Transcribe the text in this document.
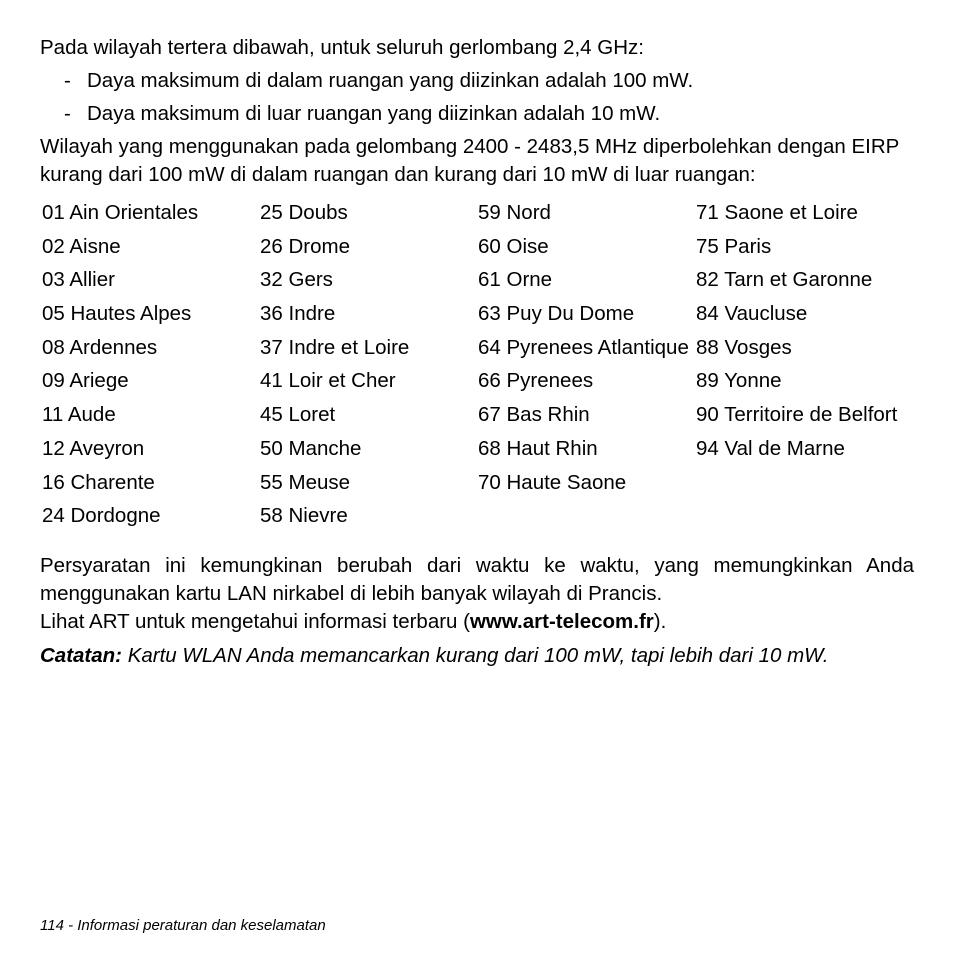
Pada wilayah tertera dibawah, untuk seluruh gerlombang 2,4 GHz:

- Daya maksimum di dalam ruangan yang diizinkan adalah 100 mW.
- Daya maksimum di luar ruangan yang diizinkan adalah 10 mW.

Wilayah yang menggunakan pada gelombang 2400 - 2483,5 MHz diperbolehkan dengan EIRP kurang dari 100 mW di dalam ruangan dan kurang dari 10 mW di luar ruangan:

01 Ain Orientales
02 Aisne
03 Allier
05 Hautes Alpes
08 Ardennes
09 Ariege
11 Aude
12 Aveyron
16 Charente
24 Dordogne
25 Doubs
26 Drome
32 Gers
36 Indre
37 Indre et Loire
41 Loir et Cher
45 Loret
50 Manche
55 Meuse
58 Nievre
59 Nord
60 Oise
61 Orne
63 Puy Du Dome
64 Pyrenees Atlantique
66 Pyrenees
67 Bas Rhin
68 Haut Rhin
70 Haute Saone
71 Saone et Loire
75 Paris
82 Tarn et Garonne
84 Vaucluse
88 Vosges
89 Yonne
90 Territoire de Belfort
94 Val de Marne

Persyaratan ini kemungkinan berubah dari waktu ke waktu, yang memungkinkan Anda menggunakan kartu LAN nirkabel di lebih banyak wilayah di Prancis.

Lihat ART untuk mengetahui informasi terbaru (www.art-telecom.fr).

Catatan: Kartu WLAN Anda memancarkan kurang dari 100 mW, tapi lebih dari 10 mW.

114 - Informasi peraturan dan keselamatan
